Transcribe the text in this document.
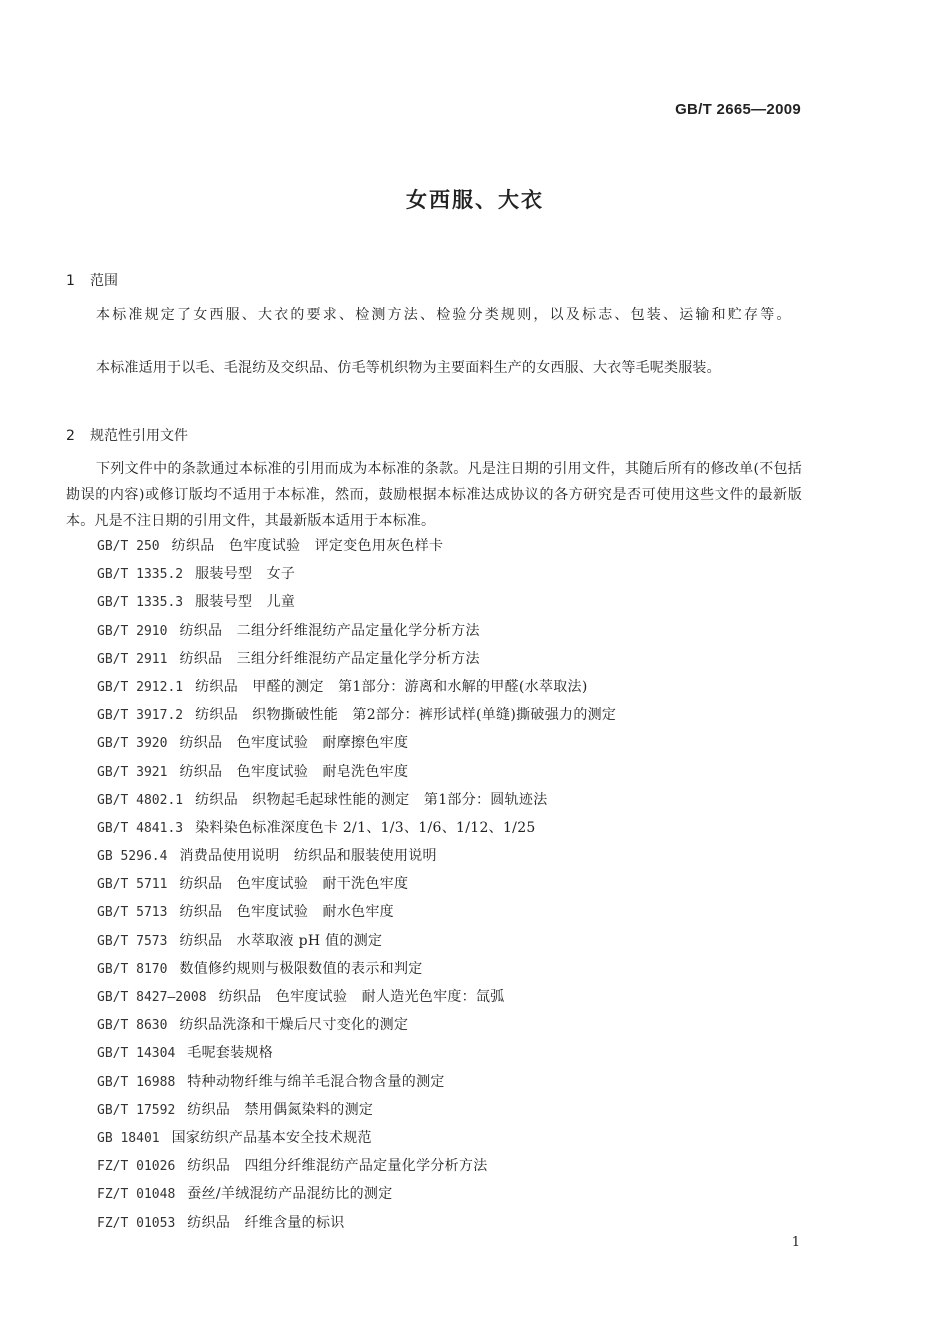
GB/T 2665—2009
女西服、大衣
1 范围

本标准规定了女西服、大衣的要求、检测方法、检验分类规则，以及标志、包装、运输和贮存等。

本标准适用于以毛、毛混纺及交织品、仿毛等机织物为主要面料生产的女西服、大衣等毛呢类服装。

2 规范性引用文件

下列文件中的条款通过本标准的引用而成为本标准的条款。凡是注日期的引用文件，其随后所有的修改单(不包括勘误的内容)或修订版均不适用于本标准，然而，鼓励根据本标准达成协议的各方研究是否可使用这些文件的最新版本。凡是不注日期的引用文件，其最新版本适用于本标准。

GB/T 250 纺织品　色牢度试验　评定变色用灰色样卡
GB/T 1335.2 服装号型　女子
GB/T 1335.3 服装号型　儿童
GB/T 2910 纺织品　二组分纤维混纺产品定量化学分析方法
GB/T 2911 纺织品　三组分纤维混纺产品定量化学分析方法
GB/T 2912.1 纺织品　甲醛的测定　第1部分：游离和水解的甲醛(水萃取法)
GB/T 3917.2 纺织品　织物撕破性能　第2部分：裤形试样(单缝)撕破强力的测定
GB/T 3920 纺织品　色牢度试验　耐摩擦色牢度
GB/T 3921 纺织品　色牢度试验　耐皂洗色牢度
GB/T 4802.1 纺织品　织物起毛起球性能的测定　第1部分：圆轨迹法
GB/T 4841.3 染料染色标准深度色卡 2/1、1/3、1/6、1/12、1/25
GB 5296.4 消费品使用说明　纺织品和服装使用说明
GB/T 5711 纺织品　色牢度试验　耐干洗色牢度
GB/T 5713 纺织品　色牢度试验　耐水色牢度
GB/T 7573 纺织品　水萃取液 pH 值的测定
GB/T 8170 数值修约规则与极限数值的表示和判定
GB/T 8427—2008 纺织品　色牢度试验　耐人造光色牢度：氙弧
GB/T 8630 纺织品洗涤和干燥后尺寸变化的测定
GB/T 14304 毛呢套装规格
GB/T 16988 特种动物纤维与绵羊毛混合物含量的测定
GB/T 17592 纺织品　禁用偶氮染料的测定
GB 18401 国家纺织产品基本安全技术规范
FZ/T 01026 纺织品　四组分纤维混纺产品定量化学分析方法
FZ/T 01048 蚕丝/羊绒混纺产品混纺比的测定
FZ/T 01053 纺织品　纤维含量的标识
1
